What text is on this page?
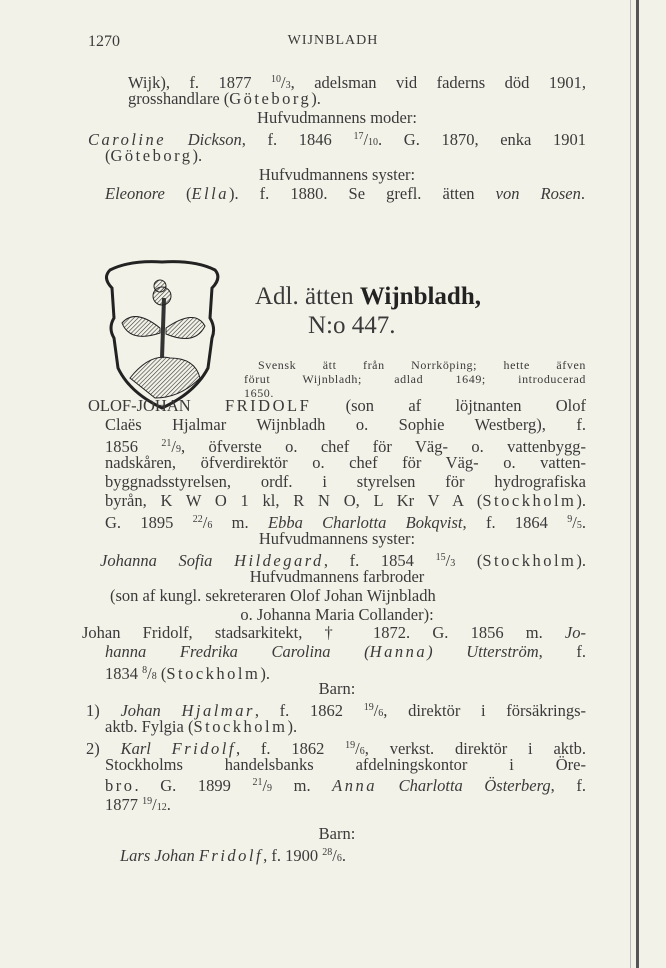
1270	WIJNBLADH
Adl. ätten Wijnbladh,
N:o 447.
Wijk), f. 1877 $^{10}$/3, adelsman vid faderns död 1901,
grosshandlare (Göteborg).
Hufvudmannens moder:
Caroline Dickson, f. 1846 $^{17}$/10. G. 1870, enka 1901
(Göteborg).
Hufvudmannens syster:
Eleonore (Ella). f. 1880. Se grefl. ätten von Rosen.
Svensk ätt från Norrköping; hette äfven
förut Wijnbladh; adlad 1649; introducerad
1650.
OLOF-JOHAN FRIDOLF (son af löjtnanten Olof
Claës Hjalmar Wijnbladh o. Sophie Westberg), f.
1856 $^{21}$/9, öfverste o. chef för Väg- o. vattenbygg-
nadskåren, öfverdirektör o. chef för Väg- o. vatten-
byggnadsstyrelsen, ordf. i styrelsen för hydrografiska
byrån, K W O 1 kl, R N O, L Kr V A (Stockholm).
G. 1895 $^{22}$/6 m. Ebba Charlotta Bokqvist, f. 1864 $^9$/5.
Hufvudmannens syster:
Johanna Sofia Hildegard, f. 1854 $^{15}$/3 (Stockholm).
Hufvudmannens farbroder
(son af kungl. sekreteraren Olof Johan Wijnbladh
o. Johanna Maria Collander):
Johan Fridolf, stadsarkitekt, † 1872. G. 1856 m. Jo-
hanna Fredrika Carolina (Hanna) Utterström, f.
1834 $^8$/8 (Stockholm).
Barn:
1) Johan Hjalmar, f. 1862 $^{19}$/6, direktör i försäkrings-
aktb. Fylgia (Stockholm).
2) Karl Fridolf, f. 1862 $^{19}$/6, verkst. direktör i aktb.
Stockholms handelsbanks afdelningskontor i Öre-
bro. G. 1899 $^{21}$/9 m. Anna Charlotta Österberg, f.
1877 $^{19}$/12.
Barn:
Lars Johan Fridolf, f. 1900 $^{28}$/6.
